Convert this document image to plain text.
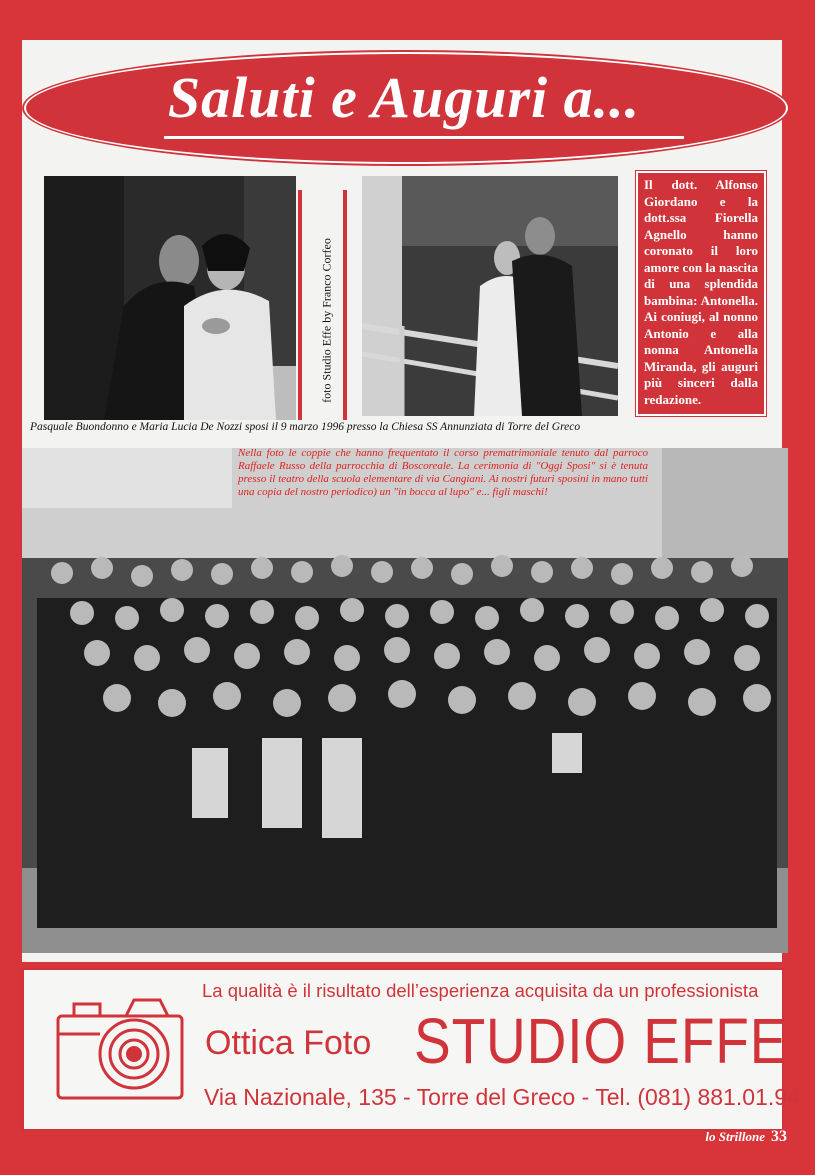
Saluti e Auguri a...
foto Studio Effe by Franco Corfeo
Il dott. Alfonso Giordano e la dott.ssa Fiorella Agnello hanno coronato il loro amore con la nascita di una splendida bambina: Antonella. Ai coniugi, al nonno Antonio e alla nonna Antonella Miranda, gli auguri più sinceri dalla redazione.
Pasquale Buondonno e Maria Lucia De Nozzi sposi il 9 marzo 1996 presso la Chiesa SS Annunziata di Torre del Greco
Nella foto le coppie che hanno frequentato il corso prematrimoniale tenuto dal parroco Raffaele Russo della parrocchia di Boscoreale. La cerimonia di "Oggi Sposi" si è tenuta presso il teatro della scuola elementare di via Cangiani. Ai nostri futuri sposini in mano tutti una copia del nostro periodico) un "in bocca al lupo" e... figli maschi!
La qualità è il risultato dell’esperienza acquisita da un professionista
Ottica Foto STUDIO EFFE
Via Nazionale, 135 - Torre del Greco - Tel. (081) 881.01.94
lo Strillone 33
